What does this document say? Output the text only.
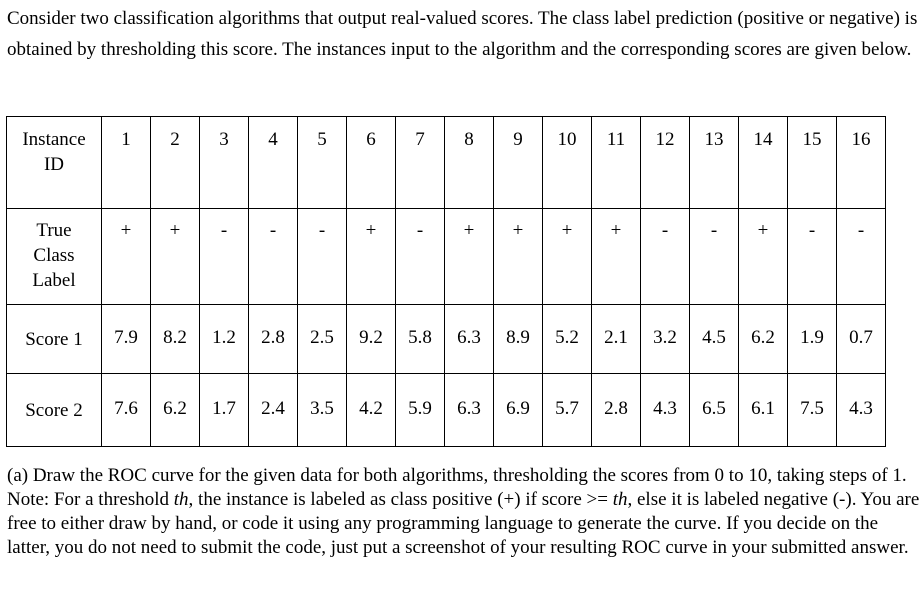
Consider two classification algorithms that output real-valued scores. The class label prediction (positive or negative) is obtained by thresholding this score. The instances input to the algorithm and the corresponding scores are given below.

Instance
ID	1	2	3	4	5	6	7	8	9	10	11	12	13	14	15	16

True
Class
Label	+	+	-	-	-	+	-	+	+	+	+	-	-	+	-	-
Score 1	7.9	8.2	1.2	2.8	2.5	9.2	5.8	6.3	8.9	5.2	2.1	3.2	4.5	6.2	1.9	0.7
Score 2	7.6	6.2	1.7	2.4	3.5	4.2	5.9	6.3	6.9	5.7	2.8	4.3	6.5	6.1	7.5	4.3

(a) Draw the ROC curve for the given data for both algorithms, thresholding the scores from 0 to 10, taking steps of 1. Note: For a threshold th, the instance is labeled as class positive (+) if score >= th, else it is labeled negative (-). You are free to either draw by hand, or code it using any programming language to generate the curve. If you decide on the latter, you do not need to submit the code, just put a screenshot of your resulting ROC curve in your submitted answer.
